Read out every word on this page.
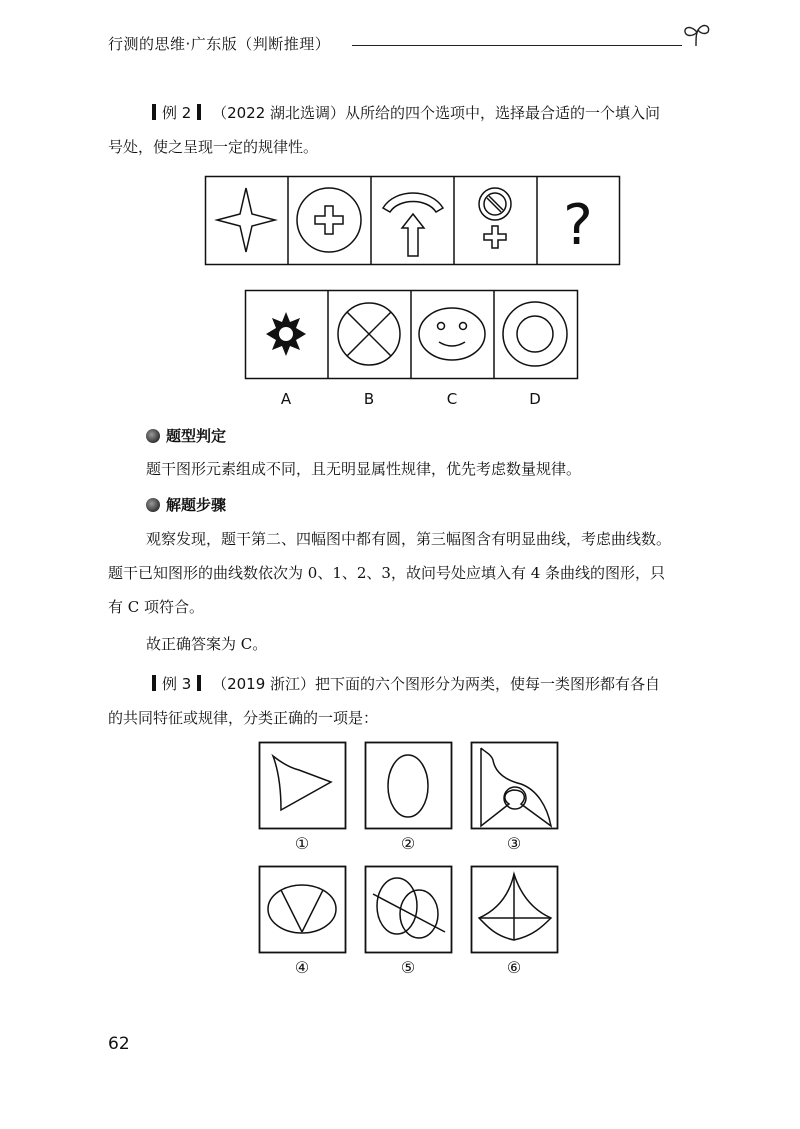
行测的思维·广东版（判断推理）
例 2 （2022 湖北选调）从所给的四个选项中，选择最合适的一个填入问
号处，使之呈现一定的规律性。
?
A	B	C	D
题型判定
题干图形元素组成不同，且无明显属性规律，优先考虑数量规律。
解题步骤
观察发现，题干第二、四幅图中都有圆，第三幅图含有明显曲线，考虑曲线数。
题干已知图形的曲线数依次为 0、1、2、3，故问号处应填入有 4 条曲线的图形，只
有 C 项符合。
故正确答案为 C。
例 3 （2019 浙江）把下面的六个图形分为两类，使每一类图形都有各自
的共同特征或规律，分类正确的一项是：
①	②	③
④	⑤	⑥
62
